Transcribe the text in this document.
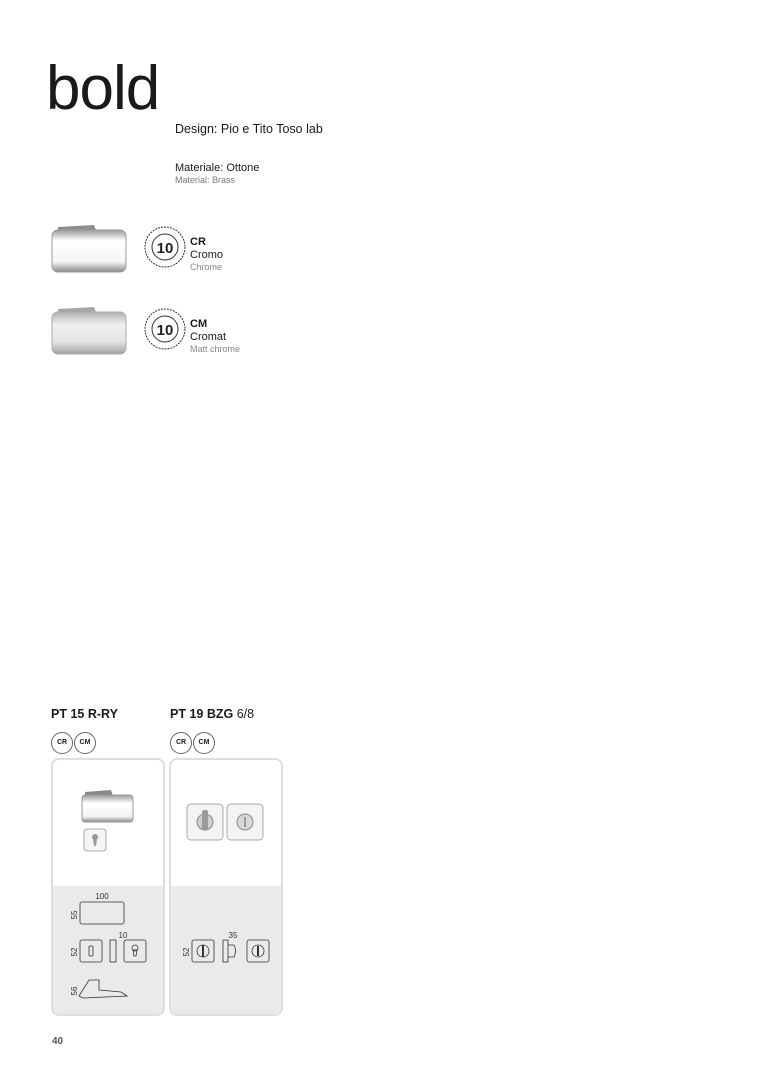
bold
Design: Pio e Tito Toso lab
Materiale: Ottone
Material: Brass
10 CR
Cromo
Chrome
10 CM
Cromat
Matt chrome
PT 15 R-RY
CR CM
100
55
10
52
56
PT 19 BZG 6/8
CR CM
35
52
40
